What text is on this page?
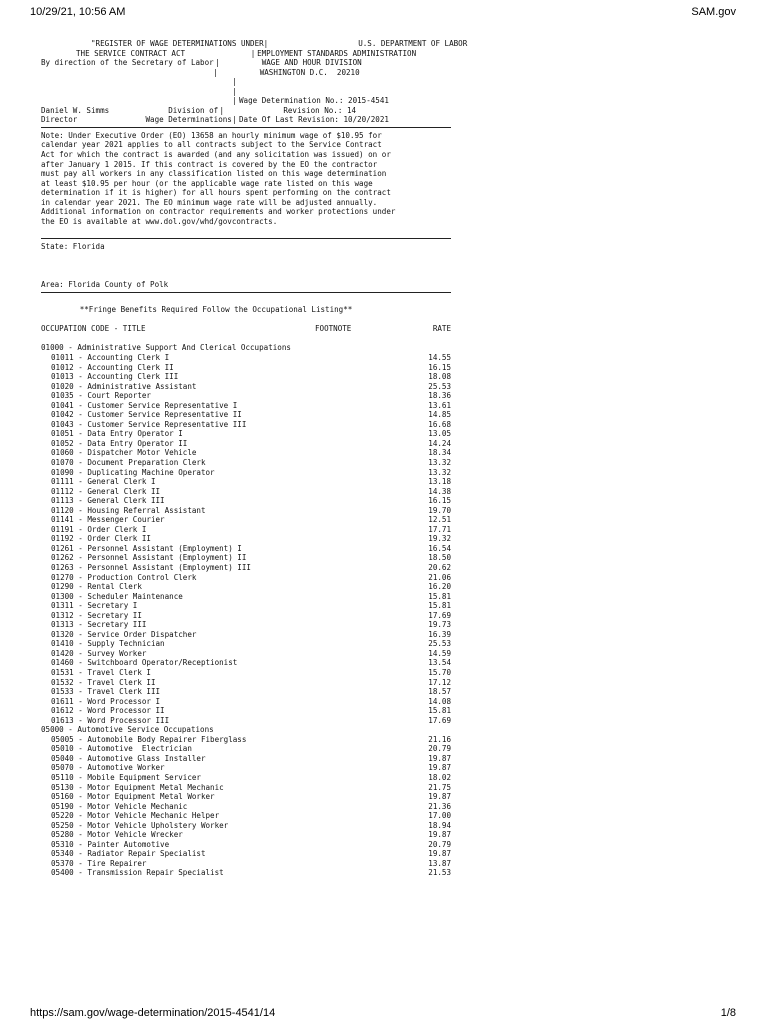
10/29/21, 10:56 AM	SAM.gov
"REGISTER OF WAGE DETERMINATIONS UNDER |	U.S. DEPARTMENT OF LABOR
THE SERVICE CONTRACT ACT	| EMPLOYMENT STANDARDS ADMINISTRATION
By direction of the Secretary of Labor |	WAGE AND HOUR DIVISION
|	WASHINGTON D.C.  20210
|
|
| Wage Determination No.: 2015-4541
Daniel W. Simms             Division of |	Revision No.: 14
Director               Wage Determinations | Date Of Last Revision: 10/20/2021

Note: Under Executive Order (EO) 13658 an hourly minimum wage of $10.95 for

calendar year 2021 applies to all contracts subject to the Service Contract

Act for which the contract is awarded (and any solicitation was issued) on or

after January 1 2015. If this contract is covered by the EO the contractor

must pay all workers in any classification listed on this wage determination

at least $10.95 per hour (or the applicable wage rate listed on this wage

determination if it is higher) for all hours spent performing on the contract

in calendar year 2021. The EO minimum wage rate will be adjusted annually.

Additional information on contractor requirements and worker protections under

the EO is available at www.dol.gov/whd/govcontracts.

State: Florida
Area: Florida County of Polk
**Fringe Benefits Required Follow the Occupational Listing**
OCCUPATION CODE - TITLE	FOOTNOTE	RATE
01000 - Administrative Support And Clerical Occupations
01011 - Accounting Clerk I	14.55
01012 - Accounting Clerk II	16.15
01013 - Accounting Clerk III	18.08
01020 - Administrative Assistant	25.53
01035 - Court Reporter	18.36
01041 - Customer Service Representative I	13.61
01042 - Customer Service Representative II	14.85
01043 - Customer Service Representative III	16.68
01051 - Data Entry Operator I	13.05
01052 - Data Entry Operator II	14.24
01060 - Dispatcher Motor Vehicle	18.34
01070 - Document Preparation Clerk	13.32
01090 - Duplicating Machine Operator	13.32
01111 - General Clerk I	13.18
01112 - General Clerk II	14.38
01113 - General Clerk III	16.15
01120 - Housing Referral Assistant	19.70
01141 - Messenger Courier	12.51
01191 - Order Clerk I	17.71
01192 - Order Clerk II	19.32
01261 - Personnel Assistant (Employment) I	16.54
01262 - Personnel Assistant (Employment) II	18.50
01263 - Personnel Assistant (Employment) III	20.62
01270 - Production Control Clerk	21.06
01290 - Rental Clerk	16.20
01300 - Scheduler Maintenance	15.81
01311 - Secretary I	15.81
01312 - Secretary II	17.69
01313 - Secretary III	19.73
01320 - Service Order Dispatcher	16.39
01410 - Supply Technician	25.53
01420 - Survey Worker	14.59
01460 - Switchboard Operator/Receptionist	13.54
01531 - Travel Clerk I	15.70
01532 - Travel Clerk II	17.12
01533 - Travel Clerk III	18.57
01611 - Word Processor I	14.08
01612 - Word Processor II	15.81
01613 - Word Processor III	17.69
05000 - Automotive Service Occupations
05005 - Automobile Body Repairer Fiberglass	21.16
05010 - Automotive  Electrician	20.79
05040 - Automotive Glass Installer	19.87
05070 - Automotive Worker	19.87
05110 - Mobile Equipment Servicer	18.02
05130 - Motor Equipment Metal Mechanic	21.75
05160 - Motor Equipment Metal Worker	19.87
05190 - Motor Vehicle Mechanic	21.36
05220 - Motor Vehicle Mechanic Helper	17.00
05250 - Motor Vehicle Upholstery Worker	18.94
05280 - Motor Vehicle Wrecker	19.87
05310 - Painter Automotive	20.79
05340 - Radiator Repair Specialist	19.87
05370 - Tire Repairer	13.87
05400 - Transmission Repair Specialist	21.53
https://sam.gov/wage-determination/2015-4541/14	1/8
